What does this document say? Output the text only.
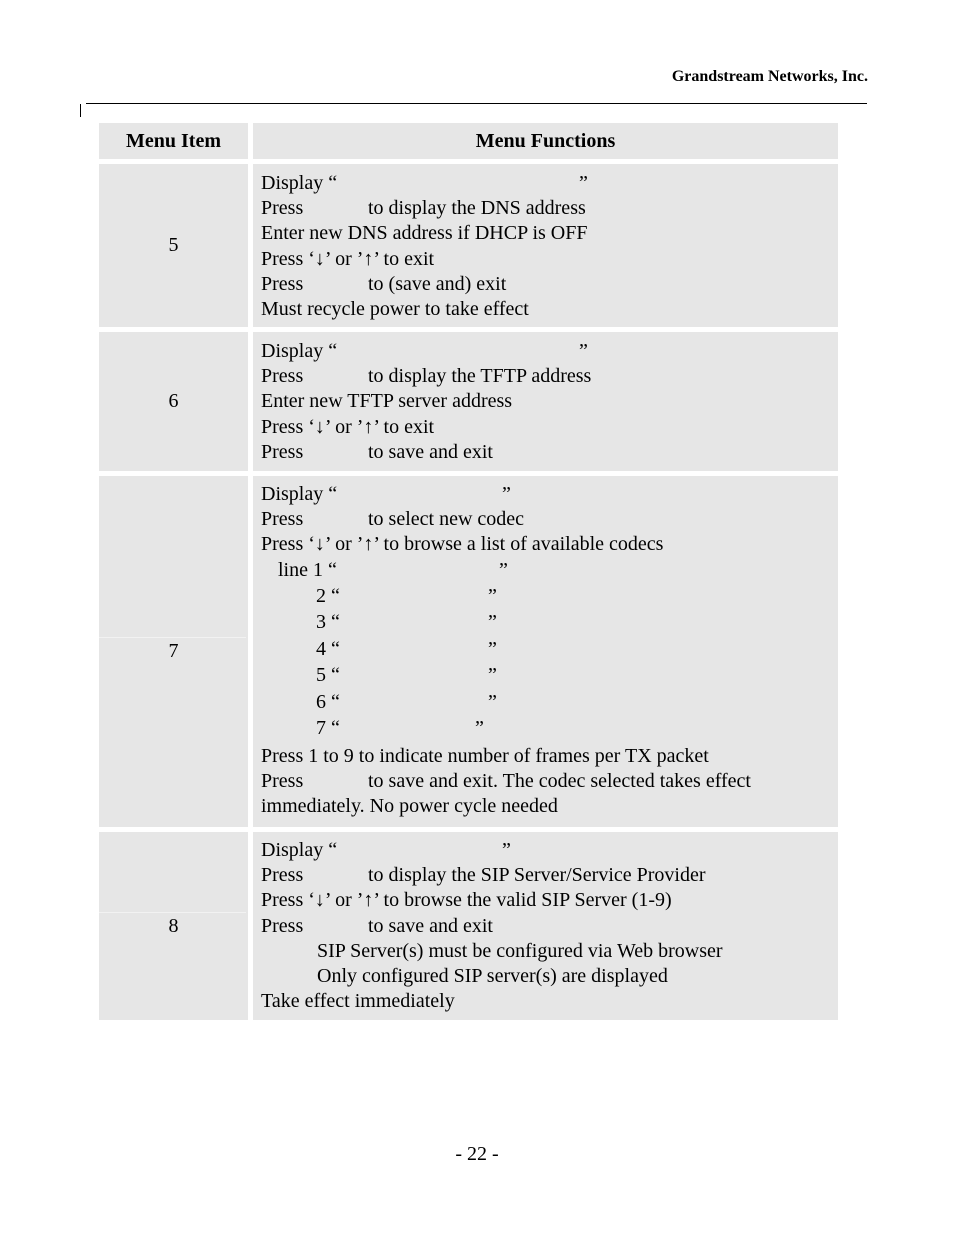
Grandstream Networks, Inc.
Menu Item	Menu Functions
5
Display “	”
Press	to display the DNS address
Enter new DNS address if DHCP is OFF
Press ‘↓’ or ’↑’ to exit
Press	to (save and) exit
Must recycle power to take effect
6
Display “	”
Press	to display the TFTP address
Enter new TFTP server address
Press ‘↓’ or ’↑’ to exit
Press	to save and exit
7
Display “	”
Press	to select new codec
Press ‘↓’ or ’↑’ to browse a list of available codecs
line 1 “	”
2 “	”
3 “	”
4 “	”
5 “	”
6 “	”
7 “	”
Press 1 to 9 to indicate number of frames per TX packet
Press	to save and exit. The codec selected takes effect
immediately. No power cycle needed
8
Display “	”
Press	to display the SIP Server/Service Provider
Press ‘↓’ or ’↑’ to browse the valid SIP Server (1-9)
Press	to save and exit
SIP Server(s) must be configured via Web browser
Only configured SIP server(s) are displayed
Take effect immediately
- 22 -
